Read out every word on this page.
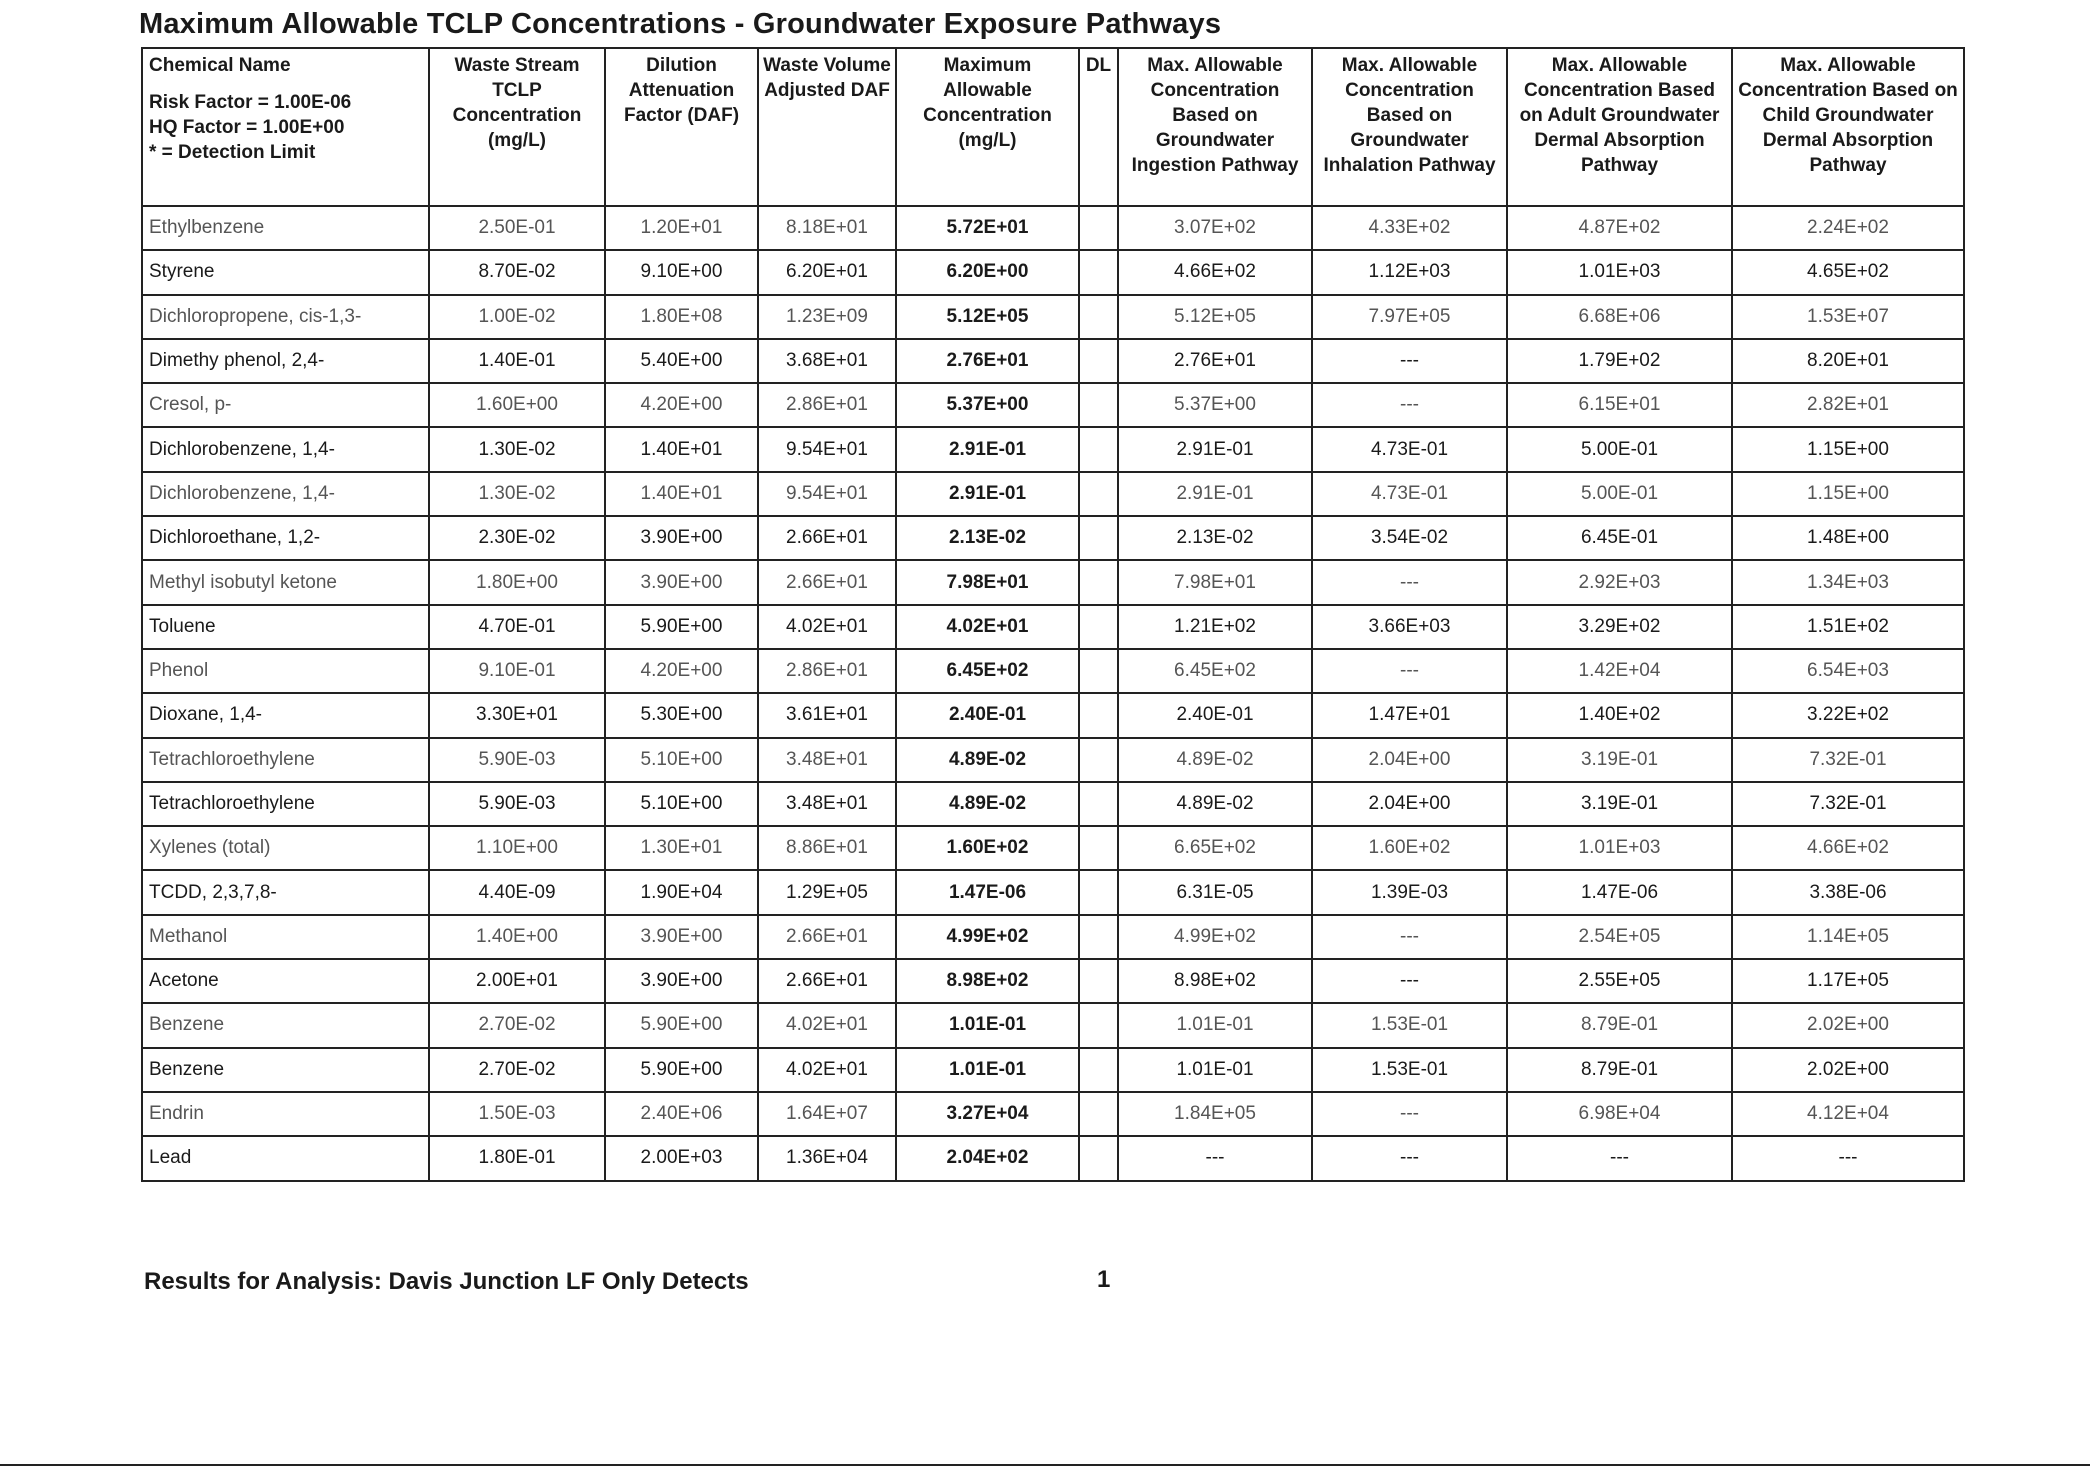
Maximum Allowable TCLP Concentrations - Groundwater Exposure Pathways
Chemical Name
Risk Factor = 1.00E-06
HQ Factor = 1.00E+00
* = Detection Limit	Waste Stream TCLP Concentration (mg/L)	Dilution Attenuation Factor (DAF)	Waste Volume Adjusted DAF	Maximum Allowable Concentration (mg/L)	DL	Max. Allowable Concentration Based on Groundwater Ingestion Pathway	Max. Allowable Concentration Based on Groundwater Inhalation Pathway	Max. Allowable Concentration Based on Adult Groundwater Dermal Absorption Pathway	Max. Allowable Concentration Based on Child Groundwater Dermal Absorption Pathway
Ethylbenzene	2.50E-01	1.20E+01	8.18E+01	5.72E+01		3.07E+02	4.33E+02	4.87E+02	2.24E+02
Styrene	8.70E-02	9.10E+00	6.20E+01	6.20E+00		4.66E+02	1.12E+03	1.01E+03	4.65E+02
Dichloropropene, cis-1,3-	1.00E-02	1.80E+08	1.23E+09	5.12E+05		5.12E+05	7.97E+05	6.68E+06	1.53E+07
Dimethy phenol, 2,4-	1.40E-01	5.40E+00	3.68E+01	2.76E+01		2.76E+01	---	1.79E+02	8.20E+01
Cresol, p-	1.60E+00	4.20E+00	2.86E+01	5.37E+00		5.37E+00	---	6.15E+01	2.82E+01
Dichlorobenzene, 1,4-	1.30E-02	1.40E+01	9.54E+01	2.91E-01		2.91E-01	4.73E-01	5.00E-01	1.15E+00
Dichlorobenzene, 1,4-	1.30E-02	1.40E+01	9.54E+01	2.91E-01		2.91E-01	4.73E-01	5.00E-01	1.15E+00
Dichloroethane, 1,2-	2.30E-02	3.90E+00	2.66E+01	2.13E-02		2.13E-02	3.54E-02	6.45E-01	1.48E+00
Methyl isobutyl ketone	1.80E+00	3.90E+00	2.66E+01	7.98E+01		7.98E+01	---	2.92E+03	1.34E+03
Toluene	4.70E-01	5.90E+00	4.02E+01	4.02E+01		1.21E+02	3.66E+03	3.29E+02	1.51E+02
Phenol	9.10E-01	4.20E+00	2.86E+01	6.45E+02		6.45E+02	---	1.42E+04	6.54E+03
Dioxane, 1,4-	3.30E+01	5.30E+00	3.61E+01	2.40E-01		2.40E-01	1.47E+01	1.40E+02	3.22E+02
Tetrachloroethylene	5.90E-03	5.10E+00	3.48E+01	4.89E-02		4.89E-02	2.04E+00	3.19E-01	7.32E-01
Tetrachloroethylene	5.90E-03	5.10E+00	3.48E+01	4.89E-02		4.89E-02	2.04E+00	3.19E-01	7.32E-01
Xylenes (total)	1.10E+00	1.30E+01	8.86E+01	1.60E+02		6.65E+02	1.60E+02	1.01E+03	4.66E+02
TCDD, 2,3,7,8-	4.40E-09	1.90E+04	1.29E+05	1.47E-06		6.31E-05	1.39E-03	1.47E-06	3.38E-06
Methanol	1.40E+00	3.90E+00	2.66E+01	4.99E+02		4.99E+02	---	2.54E+05	1.14E+05
Acetone	2.00E+01	3.90E+00	2.66E+01	8.98E+02		8.98E+02	---	2.55E+05	1.17E+05
Benzene	2.70E-02	5.90E+00	4.02E+01	1.01E-01		1.01E-01	1.53E-01	8.79E-01	2.02E+00
Benzene	2.70E-02	5.90E+00	4.02E+01	1.01E-01		1.01E-01	1.53E-01	8.79E-01	2.02E+00
Endrin	1.50E-03	2.40E+06	1.64E+07	3.27E+04		1.84E+05	---	6.98E+04	4.12E+04
Lead	1.80E-01	2.00E+03	1.36E+04	2.04E+02		---	---	---	---
Results for Analysis: Davis Junction LF Only Detects	1
